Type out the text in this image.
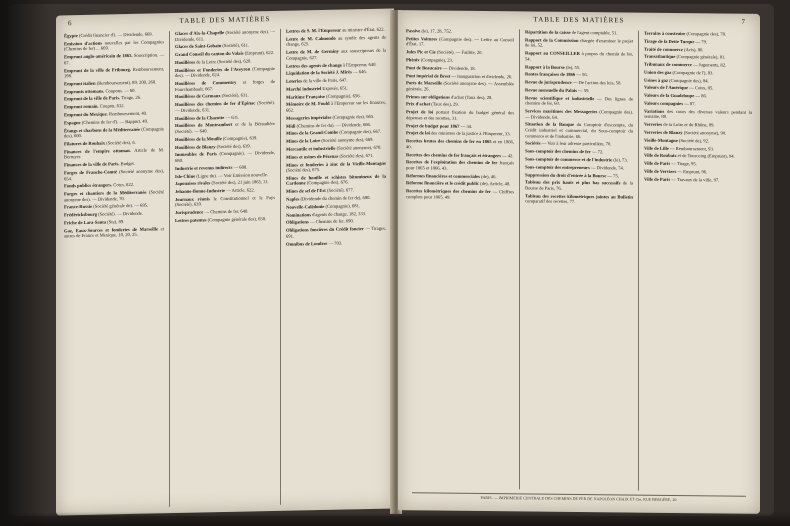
6	TABLE DES MATIÈRES
Égypte (Crédit financier d'). — Dividende, 669.
Emission d'actions nouvelles par les Compagnies (Chemins de fer) ... 669.
Emprunt anglo-américain de 1863. Souscription. — 67.
Emprunt de la ville de Fribourg. Remboursement, 198.
Emprunt italien (Remboursement), 89, 200, 260.
Emprunts ottomans. Coupons. — 60.
Emprunt de la ville de Paris. Tirage, 26.
Emprunt romain. Coupon, 632.
Emprunt du Mexique. Remboursement, 40.
Espagne (Chemins de fer d'). — Rapport, 40.
Étangs et charbons de la Méditerranée (Compagnie des), 600.
Filatures de Roubaix (Société des), 6.
Finances de l'empire ottoman. Article de M. Berruyer.
Finances de la ville de Paris. Budget.
Forges de Franche-Comté (Société anonyme des), 654.
Fonds publics étrangers. Cotes, 622.
Forges et chantiers de la Méditerranée (Société anonyme des). — Dividende, 70.
France-Russie (Société générale de). — 695.
Frédéricksbourg (Société). — Dividende.
Friche de Lara-Santa (Ste), 89.
Gaz, Eaux-Sources et fonderies de Marseille et autres de France et Mexique, 10, 20, 25.
Glaces d'Aix-la-Chapelle (Société anonyme des). — Dividende, 611.
Glaces de Saint-Gobain (Société), 611.
Grand Conseil du canton du Valais (Emprunt), 622.
Houillères de la Loire (Société des), 620.
Houillères et Fonderies de l'Aveyron (Compagnie des). — Dividende, 624.
Houillères de Commentry et forges de Fourchambault, 667.
Houillères de Carmaux (Société), 631.
Houillères des chemins de fer d'Epinac (Société). — Dividende, 631.
Houillères de la Chazotte — 631.
Houillères de Montrambert et de la Béraudière (Société). — 640.
Houillères de la Mouille (Compagnie), 639.
Houillères de Blanzy (Société des), 639.
Immeubles de Paris (Compagnie). — Dividende, 680.
Industrie et revenus indirects — 600.
Isle-Chine (Ligne du). — Voir Emission nouvelle.
Japonaises rivales (Société des), 21 juin 1865, 31.
Jehanne-Bonne-Industrie — Article, 622.
Journaux réunis le Constitutionnel et le Pays (Société), 639.
Jurisprudence — Chemins de fer, 640.
Lettres patentes (Compagnie générale des), 650.
Lettres de S. M. l'Empereur au ministre d'État, 622.
Lettre de M. Calmondo au syndic des agents de change, 625.
Lettre de M. de Germiny aux souscripteurs de la Compagnie, 627.
Lettres des agents de change à l'Empereur, 640.
Liquidation de la Société J. Mirès — 646.
Loteries de la ville de Paris, 647.
Marché industriel Exposés, 651.
Maritime Française (Compagnie), 656.
Mémoire de M. Fould à l'Empereur sur les finances, 662.
Messageries impériales (Compagnie des), 665.
Midi (Chemins de fer du). — Dividende, 666.
Mines de la Grand-Combe (Compagnie des), 667.
Mines de la Loire (Société anonyme des), 669.
Mercantile et industrielle (Société anonyme), 670.
Mines et usines de Pézenas (Société des), 671.
Mines et fonderies à zinc de la Vieille-Montagne (Société des), 675.
Mines de houille et schistes bitumineux de la Cardonne (Compagnie des), 676.
Mines de sel de l'Est (Société), 677.
Naples (Dividende du chemin de fer de), 680.
Nouvelle-Calédonie (Compagnie), 681.
Nominations d'agents de change, 182, 333.
Obligations — Chemins de fer, 690.
Obligations foncières du Crédit foncier — Tirages, 691.
Omnibus de Londres — 703.
TABLE DES MATIÈRES	7
Passive (le), 17, 28, 752.
Petites Voitures (Compagnie des). — Lettre au Conseil d'État, 17.
Jules Pic et Cie (Société). — Faillite, 20.
Phénix (Compagnie), 23.
Pont de Beaucaire — Dividende, 18.
Pont impérial de Brest — Inauguration et dividende, 26.
Ports de Marseille (Société anonyme des). — Assemblée générale, 26.
Primes sur obligations d'achat (Taux des), 28.
Prix d'achat (Taux des), 29.
Projet de loi portant fixation du budget général des dépenses et des recettes, 31.
Projet de budget pour 1867 — 34.
Projet de loi des ministres de la justice à l'Empereur, 33.
Recettes brutes des chemins de fer en 1865 et en 1866, 40.
Recettes des chemins de fer français et étrangers — 42.
Recettes de l'exploitation des chemins de fer français pour 1865 et 1866, 43.
Réformes financières et commerciales (de), 46.
Réforme financière et le crédit public (de), Article, 48.
Recettes kilométriques des chemins de fer — Chiffres complets pour 1865, 49.
Répartition de la caisse de l'agent comptable, 51.
Rapport de la Commission chargée d'examiner le projet de loi, 52.
Rapport au CONSEILLER à propos du chemin de fer, 54.
Rapport à la Bourse (le), 55.
Rentes françaises de 1866 — 56.
Revue de jurisprudence — De l'action des lois, 58.
Revue mensuelle du Palais — 59.
Revue scientifique et industrielle — Des lignes de chemins de fer, 60.
Services maritimes des Messageries (Compagnie des). — Dividende, 64.
Situation de la Banque du Comptoir d'escompte, du Crédit industriel et commercial, du Sous-comptoir du commerce et de l'industrie, 66.
Sociétés — Voir à leur adresse particulière, 70.
Sous-comptoir des chemins de fer — 72.
Sous-comptoir de commerce et de l'industrie (le), 73.
Sous-comptoir des entrepreneurs — Dividende, 74.
Suppression du droit d'entrée à la Bourse — 75.
Tableau des prix hauts et plus bas successifs de la Bourse de Paris, 76.
Tableau des recettes kilométriques jointes au Bulletin comparatif des recettes, 77.
Terrains à construire (Compagnie des), 78.
Tirage de la Dette Turque — 79.
Traité de commerce (Avis), 80.
Transatlantique (Compagnie générale), 81.
Tribunaux de commerce — Jugements, 82.
Union des gaz (Compagnie de l'), 83.
Usines à gaz (Compagnie des), 84.
Valeurs de l'Amérique — Cotes, 85.
Valeurs de la Guadeloupe — 86.
Valeurs compagnies — 87.
Variations des cours des diverses valeurs pendant la semaine, 88.
Verreries de la Loire et du Rhône, 89.
Verreries de Blanzy (Société anonyme), 90.
Vieille-Montagne (Société de), 92.
Ville de Lille — Remboursement, 93.
Ville de Roubaix et de Tourcoing (Emprunt), 94.
Ville de Paris — Tirage, 95.
Ville de Verviers — Emprunt, 96.
Ville de Paris — Travaux de la ville, 97.
PARIS. — IMPRIMERIE CENTRALE DES CHEMINS DE FER DE NAPOLÉON CHAIX ET Cie, RUE BERGÈRE, 20.
